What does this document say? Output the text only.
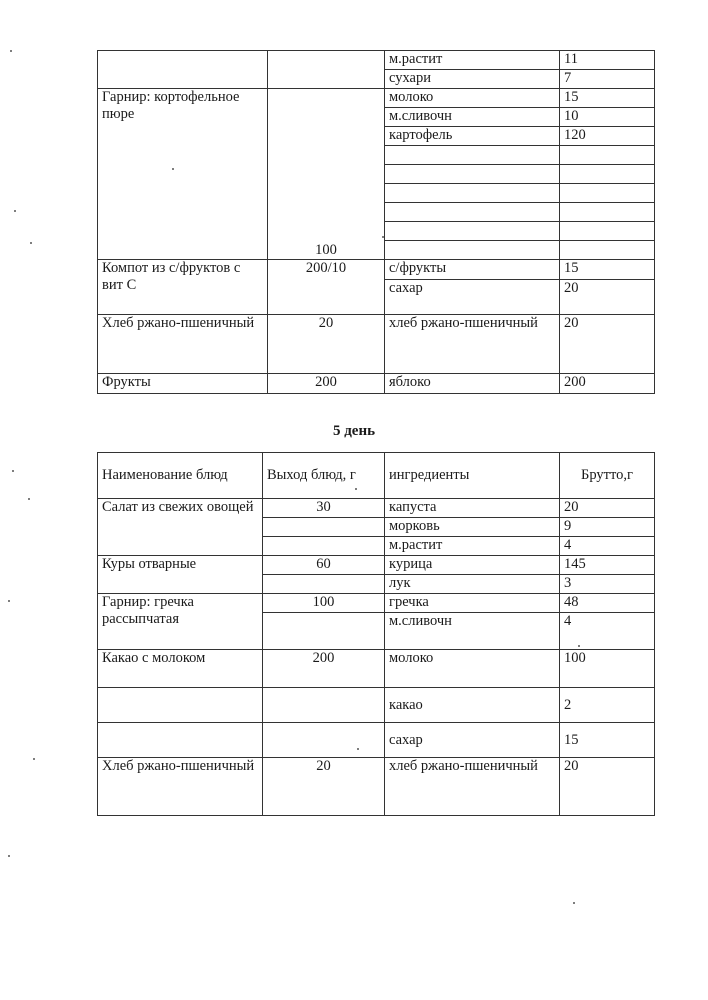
		м.растит	11
		сухари	7
Гарнир: кортофельное пюре	100	молоко	15
		м.сливочн	10
		картофель	120

Компот из с/фруктов с вит С	200/10	с/фрукты	15
		сахар	20
Хлеб ржано-пшеничный	20	хлеб ржано-пшеничный	20
Фрукты	200	яблоко	200
5 день
Наименование блюд	Выход блюд, г	ингредиенты	Брутто,г
Салат из свежих овощей	30	капуста	20
		морковь	9
		м.растит	4
Куры отварные	60	курица	145
		лук	3
Гарнир: гречка рассыпчатая	100	гречка	48
		м.сливочн	4
Какао с молоком	200	молоко	100
		какао	2
		сахар	15
Хлеб ржано-пшеничный	20	хлеб ржано-пшеничный	20
